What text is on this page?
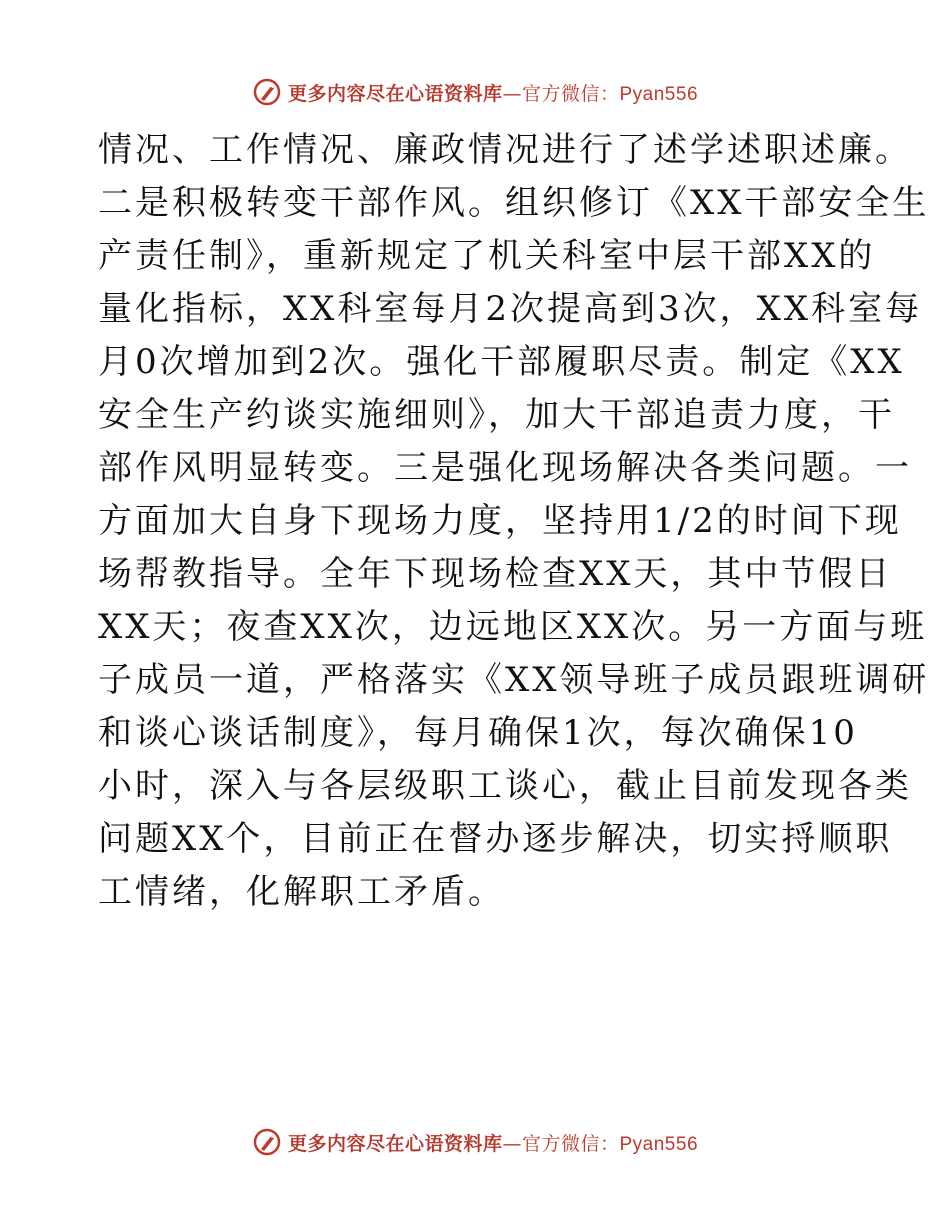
更多内容尽在心语资料库—官方微信：Pyan556
情况、工作情况、廉政情况进行了述学述职述廉。
二是积极转变干部作风。组织修订《XX干部安全生
产责任制》，重新规定了机关科室中层干部XX的
量化指标，XX科室每月2次提高到3次，XX科室每
月0次增加到2次。强化干部履职尽责。制定《XX
安全生产约谈实施细则》，加大干部追责力度，干
部作风明显转变。三是强化现场解决各类问题。一
方面加大自身下现场力度，坚持用1/2的时间下现
场帮教指导。全年下现场检查XX天，其中节假日
XX天；夜查XX次，边远地区XX次。另一方面与班
子成员一道，严格落实《XX领导班子成员跟班调研
和谈心谈话制度》，每月确保1次，每次确保10
小时，深入与各层级职工谈心，截止目前发现各类
问题XX个，目前正在督办逐步解决，切实捋顺职
工情绪，化解职工矛盾。
更多内容尽在心语资料库—官方微信：Pyan556
